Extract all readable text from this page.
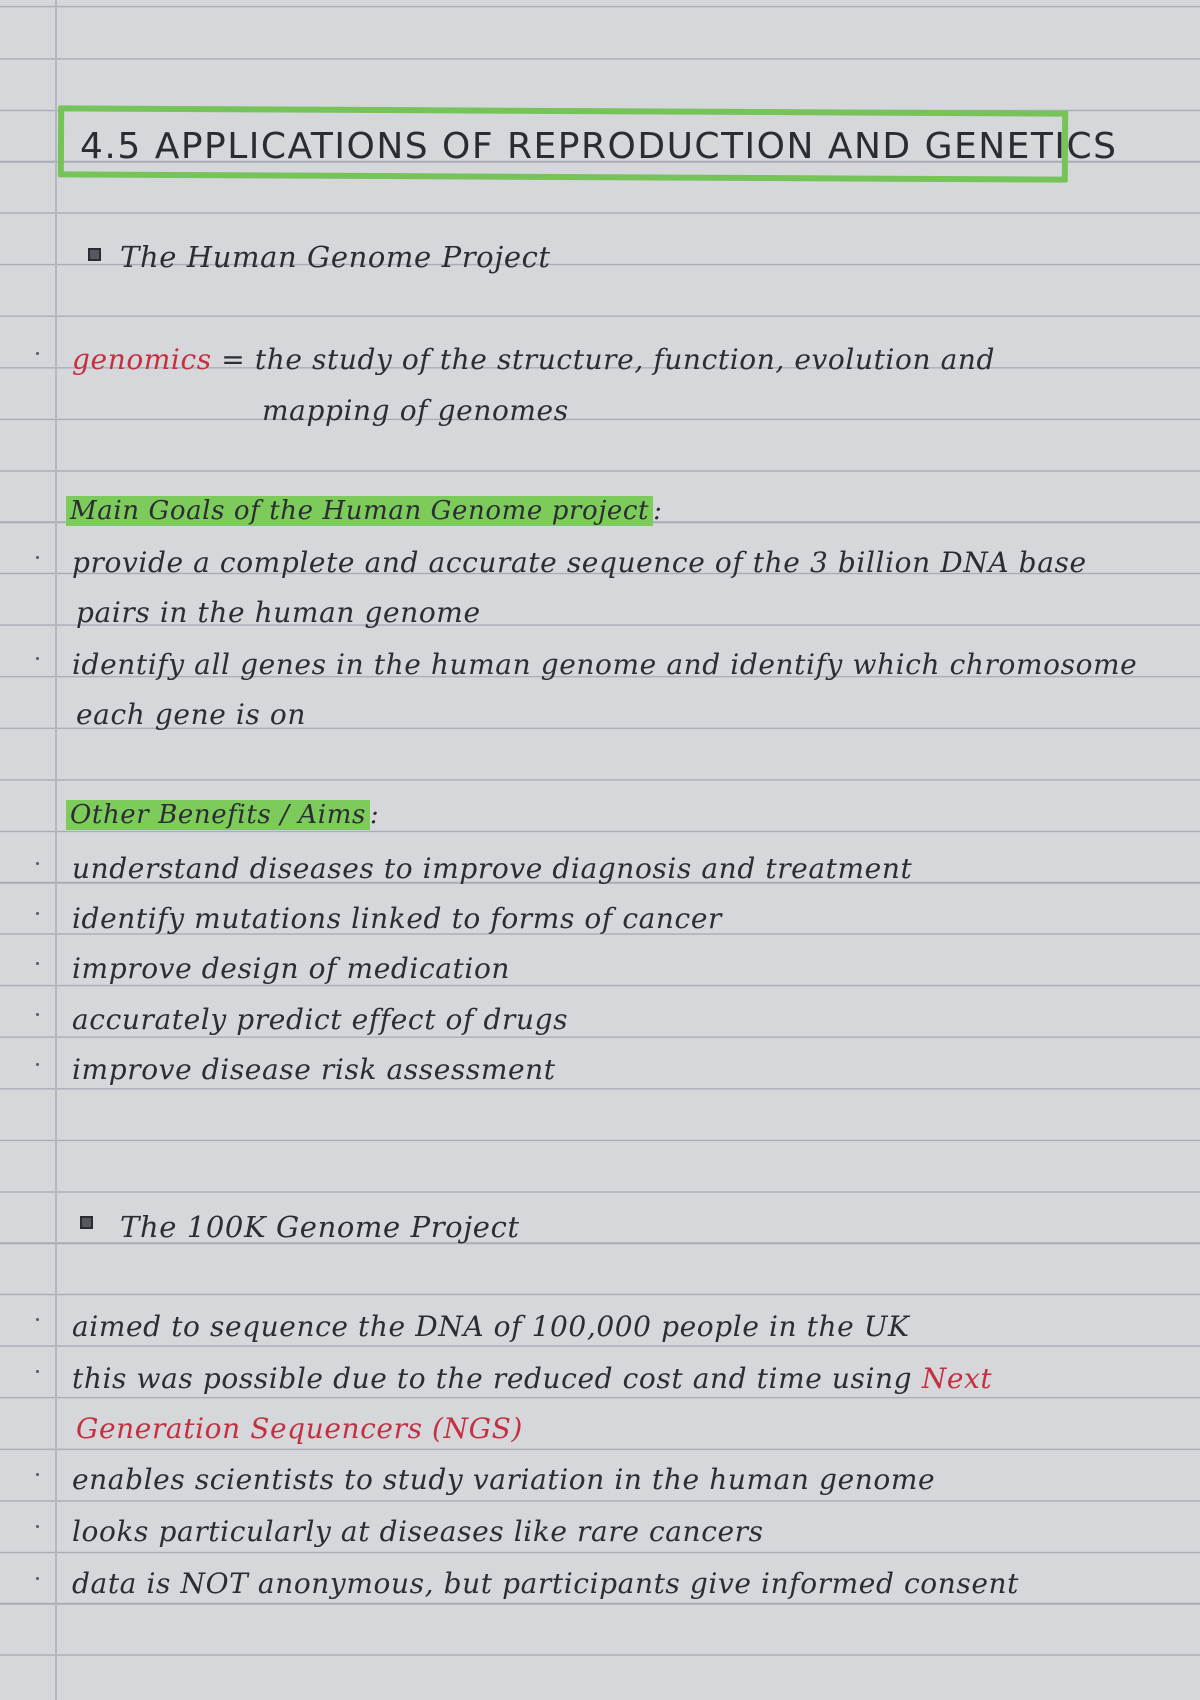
4.5 APPLICATIONS OF REPRODUCTION AND GENETICS
The Human Genome Project
genomics = the study of the structure, function, evolution and
mapping of genomes
Main Goals of the Human Genome project :
provide a complete and accurate sequence of the 3 billion DNA base
pairs in the human genome
identify all genes in the human genome and identify which chromosome
each gene is on
Other Benefits / Aims :
understand diseases to improve diagnosis and treatment
identify mutations linked to forms of cancer
improve design of medication
accurately predict effect of drugs
improve disease risk assessment
The 100K Genome Project
aimed to sequence the DNA of 100,000 people in the UK
this was possible due to the reduced cost and time using Next
Generation Sequencers (NGS)
enables scientists to study variation in the human genome
looks particularly at diseases like rare cancers
data is NOT anonymous, but participants give informed consent
